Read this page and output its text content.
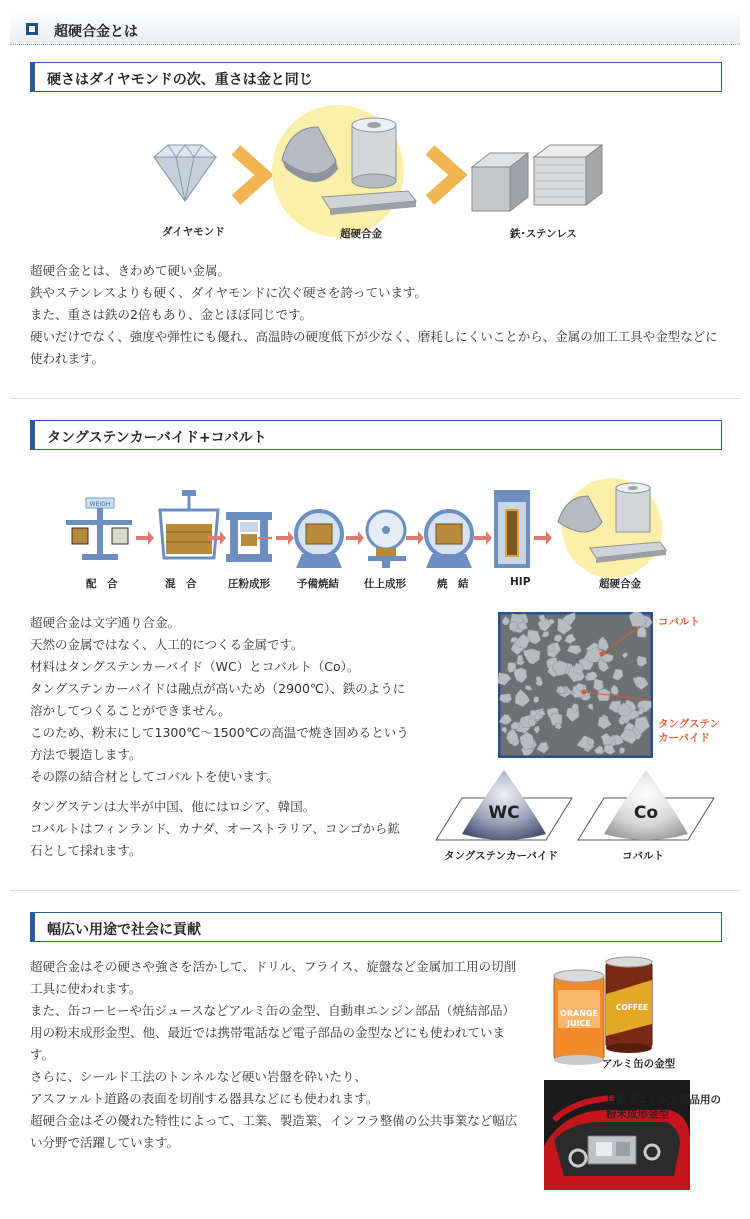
超硬合金とは
硬さはダイヤモンドの次、重さは金と同じ
ダイヤモンド	超硬合金	鉄･ステンレス
超硬合金とは、きわめて硬い金属。
鉄やステンレスよりも硬く、ダイヤモンドに次ぐ硬さを誇っています。
また、重さは鉄の2倍もあり、金とほぼ同じです。
硬いだけでなく、強度や弾性にも優れ、高温時の硬度低下が少なく、磨耗しにくいことから、金属の加工工具や金型などに
使われます。
タングステンカーバイド+コバルト
WEIGH
配　合	混　合	圧粉成形	予備焼結 仕上成形	焼　結	HIP	超硬合金
超硬合金は文字通り合金。
天然の金属ではなく、人工的につくる金属です。
材料はタングステンカーバイド（WC）とコバルト（Co）。
タングステンカーバイドは融点が高いため（2900℃）、鉄のように
溶かしてつくることができません。
このため、粉末にして1300℃～1500℃の高温で焼き固めるという
方法で製造します。
その際の結合材としてコバルトを使います。
タングステンは大半が中国、他にはロシア、韓国。
コバルトはフィンランド、カナダ、オーストラリア、コンゴから鉱
石として採れます。
コバルト
タングステン
カーバイド
WC	Co
タングステンカーバイド	コバルト
幅広い用途で社会に貢献
超硬合金はその硬さや強さを活かして、ドリル、フライス、旋盤など金属加工用の切削
工具に使われます。
また、缶コーヒーや缶ジュースなどアルミ缶の金型、自動車エンジン部品（焼結部品）
用の粉末成形金型、他、最近では携帯電話など電子部品の金型などにも使われていま
す。
さらに、シールド工法のトンネルなど硬い岩盤を砕いたり、
アスファルト道路の表面を切削する器具などにも使われます。
超硬合金はその優れた特性によって、工業、製造業、インフラ整備の公共事業など幅広
い分野で活躍しています。
ORANGE
JUICE
COFFEE
アルミ缶の金型
自動車エンジン部品用の
粉末成形金型
